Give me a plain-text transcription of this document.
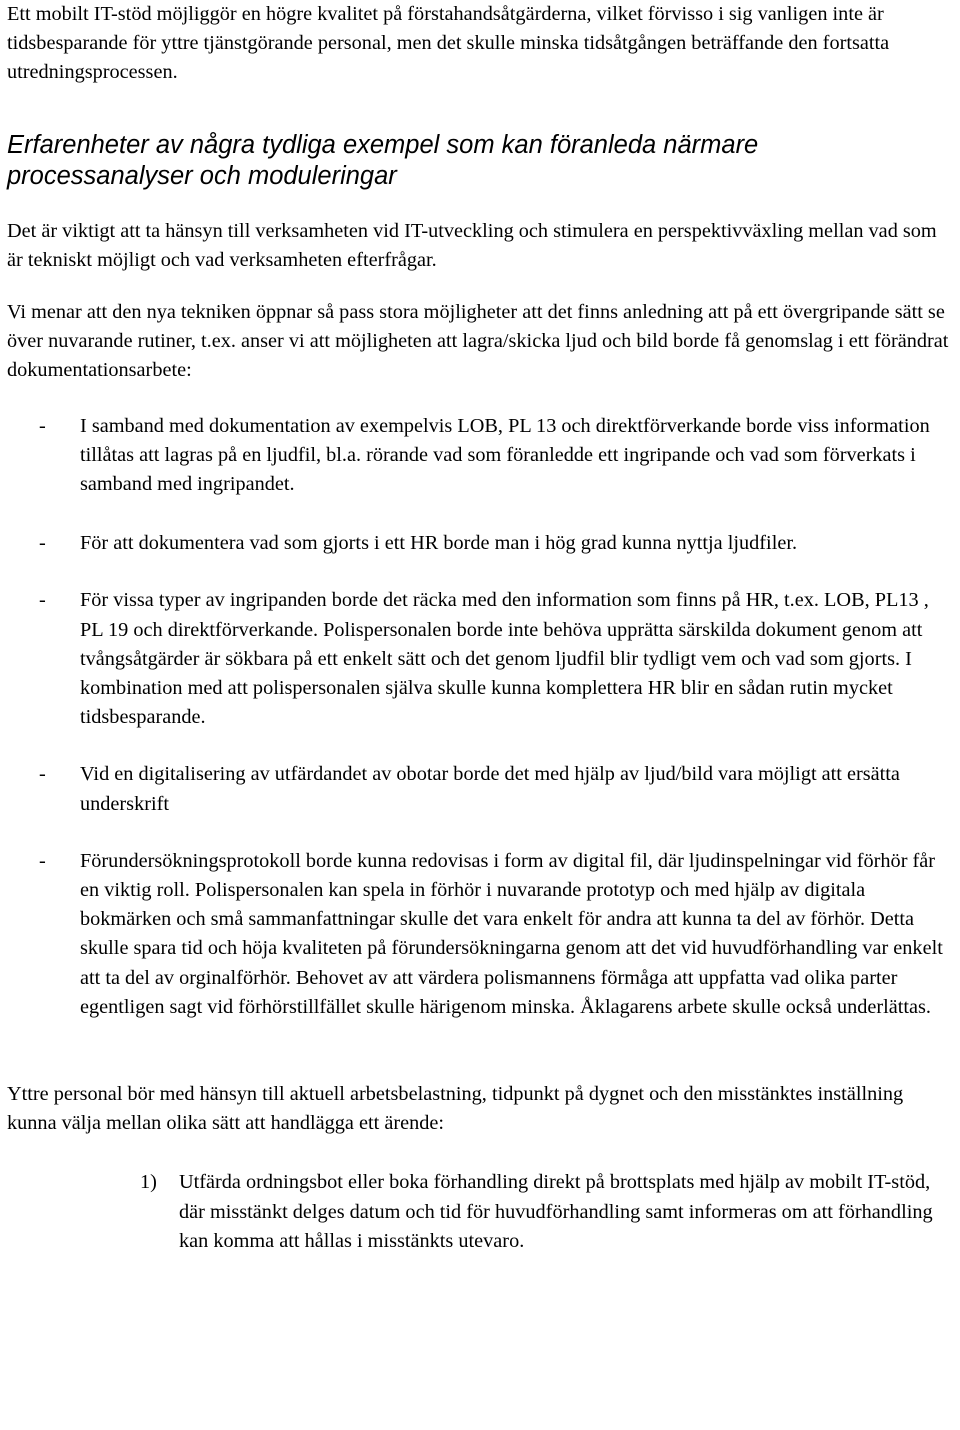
Ett mobilt IT-stöd möjliggör en högre kvalitet på förstahandsåtgärderna, vilket förvisso i sig vanligen inte är tidsbesparande för yttre tjänstgörande personal, men det skulle minska tidsåtgången beträffande den fortsatta utredningsprocessen.

Erfarenheter av några tydliga exempel som kan föranleda närmare processanalyser och moduleringar

Det är viktigt att ta hänsyn till verksamheten vid IT-utveckling och stimulera en perspektivväxling mellan vad som är tekniskt möjligt och vad verksamheten efterfrågar.

Vi menar att den nya tekniken öppnar så pass stora möjligheter att det finns anledning att på ett övergripande sätt se över nuvarande rutiner, t.ex. anser vi att möjligheten att lagra/skicka ljud och bild borde få genomslag i ett förändrat dokumentationsarbete:

- I samband med dokumentation av exempelvis LOB, PL 13 och direktförverkande borde viss information tillåtas att lagras på en ljudfil, bl.a. rörande vad som föranledde ett ingripande och vad som förverkats i samband med ingripandet.
- För att dokumentera vad som gjorts i ett HR borde man i hög grad kunna nyttja ljudfiler.
- För vissa typer av ingripanden borde det räcka med den information som finns på HR, t.ex. LOB, PL13 , PL 19 och direktförverkande. Polispersonalen borde inte behöva upprätta särskilda dokument genom att tvångsåtgärder är sökbara på ett enkelt sätt och det genom ljudfil blir tydligt vem och vad som gjorts. I kombination med att polispersonalen själva skulle kunna komplettera HR blir en sådan rutin mycket tidsbesparande.
- Vid en digitalisering av utfärdandet av obotar borde det med hjälp av ljud/bild vara möjligt att ersätta underskrift
- Förundersökningsprotokoll borde kunna redovisas i form av digital fil, där ljudinspelningar vid förhör får en viktig roll. Polispersonalen kan spela in förhör i nuvarande prototyp och med hjälp av digitala bokmärken och små sammanfattningar skulle det vara enkelt för andra att kunna ta del av förhör. Detta skulle spara tid och höja kvaliteten på förundersökningarna genom att det vid huvudförhandling var enkelt att ta del av orginalförhör. Behovet av att värdera polismannens förmåga att uppfatta vad olika parter egentligen sagt vid förhörstillfället skulle härigenom minska. Åklagarens arbete skulle också underlättas.

Yttre personal bör med hänsyn till aktuell arbetsbelastning, tidpunkt på dygnet och den misstänktes inställning kunna välja mellan olika sätt att handlägga ett ärende:

1) Utfärda ordningsbot eller boka förhandling direkt på brottsplats med hjälp av mobilt IT-stöd, där misstänkt delges datum och tid för huvudförhandling samt informeras om att förhandling kan komma att hållas i misstänkts utevaro.
